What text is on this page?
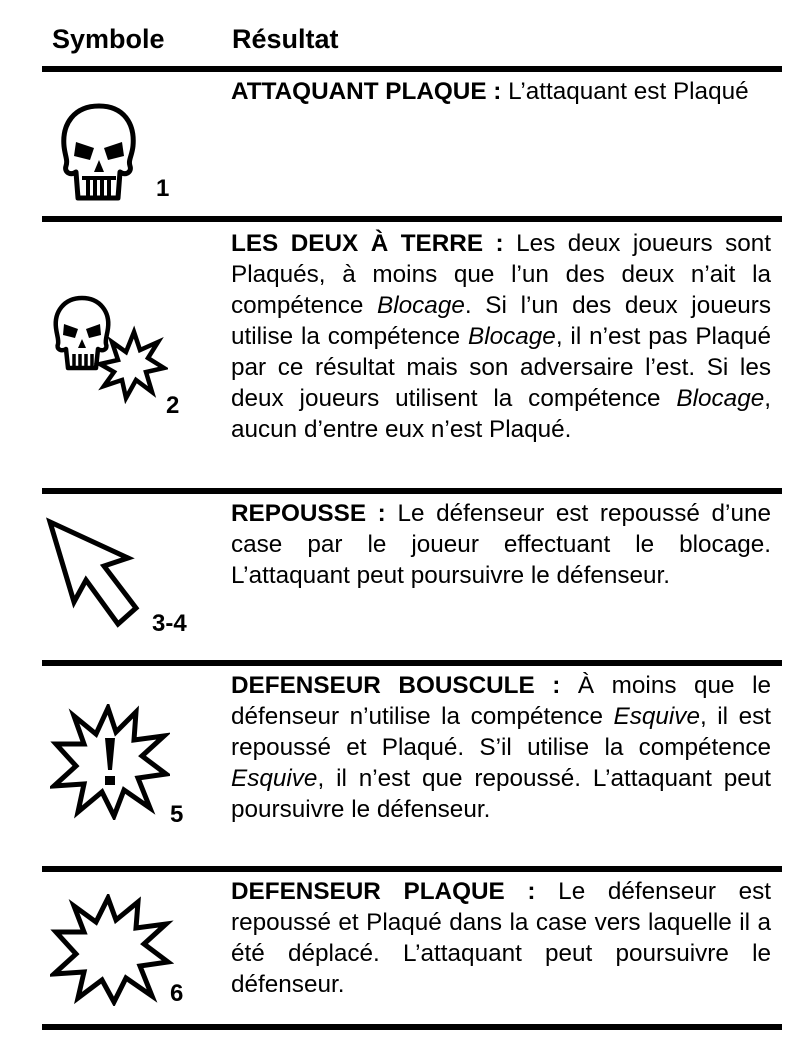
Symbole Résultat
1

ATTAQUANT PLAQUE : L’attaquant est Plaqué

2

LES DEUX À TERRE : Les deux joueurs sont Plaqués, à moins que l’un des deux n’ait la compétence Blocage. Si l’un des deux joueurs utilise la compétence Blocage, il n’est pas Plaqué par ce résultat mais son adversaire l’est. Si les deux joueurs utilisent la compétence Blocage, aucun d’entre eux n’est Plaqué.

3-4

REPOUSSE : Le défenseur est repoussé d’une case par le joueur effectuant le blocage. L’attaquant peut poursuivre le défenseur.

5

DEFENSEUR BOUSCULE : À moins que le défenseur n’utilise la compétence Esquive, il est repoussé et Plaqué. S’il utilise la compétence Esquive, il n’est que repoussé. L’attaquant peut poursuivre le défenseur.

6

DEFENSEUR PLAQUE : Le défenseur est repoussé et Plaqué dans la case vers laquelle il a été déplacé. L’attaquant peut poursuivre le défenseur.
